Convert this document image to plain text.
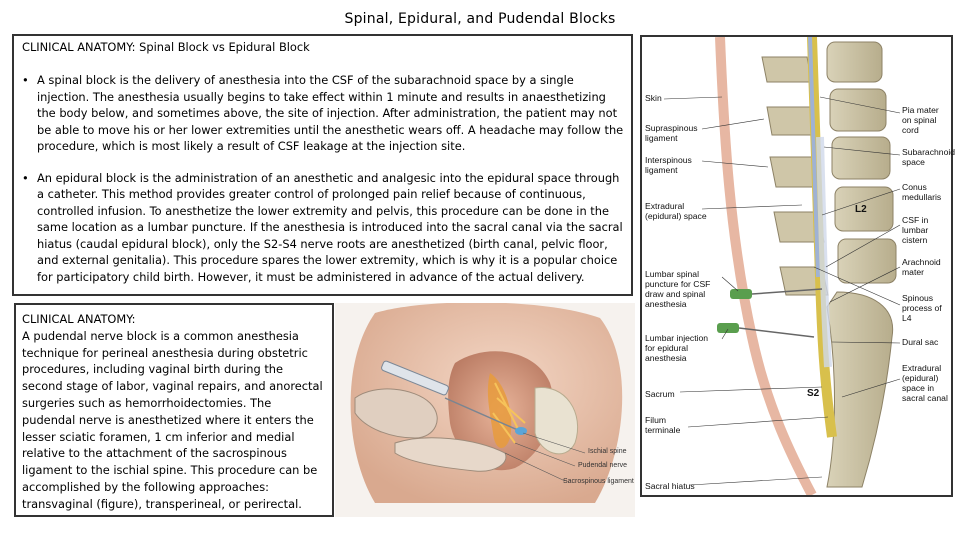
Spinal, Epidural, and Pudendal Blocks
CLINICAL ANATOMY: Spinal Block vs Epidural Block
• A spinal block is the delivery of anesthesia into the CSF of the subarachnoid space by a single injection. The anesthesia usually begins to take effect within 1 minute and results in anaesthetizing the body below, and sometimes above, the site of injection. After administration, the patient may not be able to move his or her lower extremities until the anesthetic wears off. A headache may follow the procedure, which is most likely a result of CSF leakage at the injection site.
• An epidural block is the administration of an anesthetic and analgesic into the epidural space through a catheter. This method provides greater control of prolonged pain relief because of continuous, controlled infusion. To anesthetize the lower extremity and pelvis, this procedure can be done in the same location as a lumbar puncture. If the anesthesia is introduced into the sacral canal via the sacral hiatus (caudal epidural block), only the S2-S4 nerve roots are anesthetized (birth canal, pelvic floor, and external genitalia). This procedure spares the lower extremity, which is why it is a popular choice for participatory child birth. However, it must be administered in advance of the actual delivery.
CLINICAL ANATOMY:
A pudendal nerve block is a common anesthesia technique for perineal anesthesia during obstetric procedures, including vaginal birth during the second stage of labor, vaginal repairs, and anorectal surgeries such as hemorrhoidectomies. The pudendal nerve is anesthetized where it enters the lesser sciatic foramen, 1 cm inferior and medial relative to the attachment of the sacrospinous ligament to the ischial spine. This procedure can be accomplished by the following approaches: transvaginal (figure), transperineal, or perirectal.
Ischial spine
Pudendal nerve
Sacrospinous ligament
Skin
Supraspinous ligament
Interspinous ligament
Extradural (epidural) space
Lumbar spinal puncture for CSF draw and spinal anesthesia
Lumbar injection for epidural anesthesia
Sacrum
Filum terminale
Sacral hiatus
Pia mater on spinal cord
Subarachnoid space
Conus medullaris
CSF in lumbar cistern
Arachnoid mater
Spinous process of L4
Dural sac
Extradural (epidural) space in sacral canal
L2
S2
